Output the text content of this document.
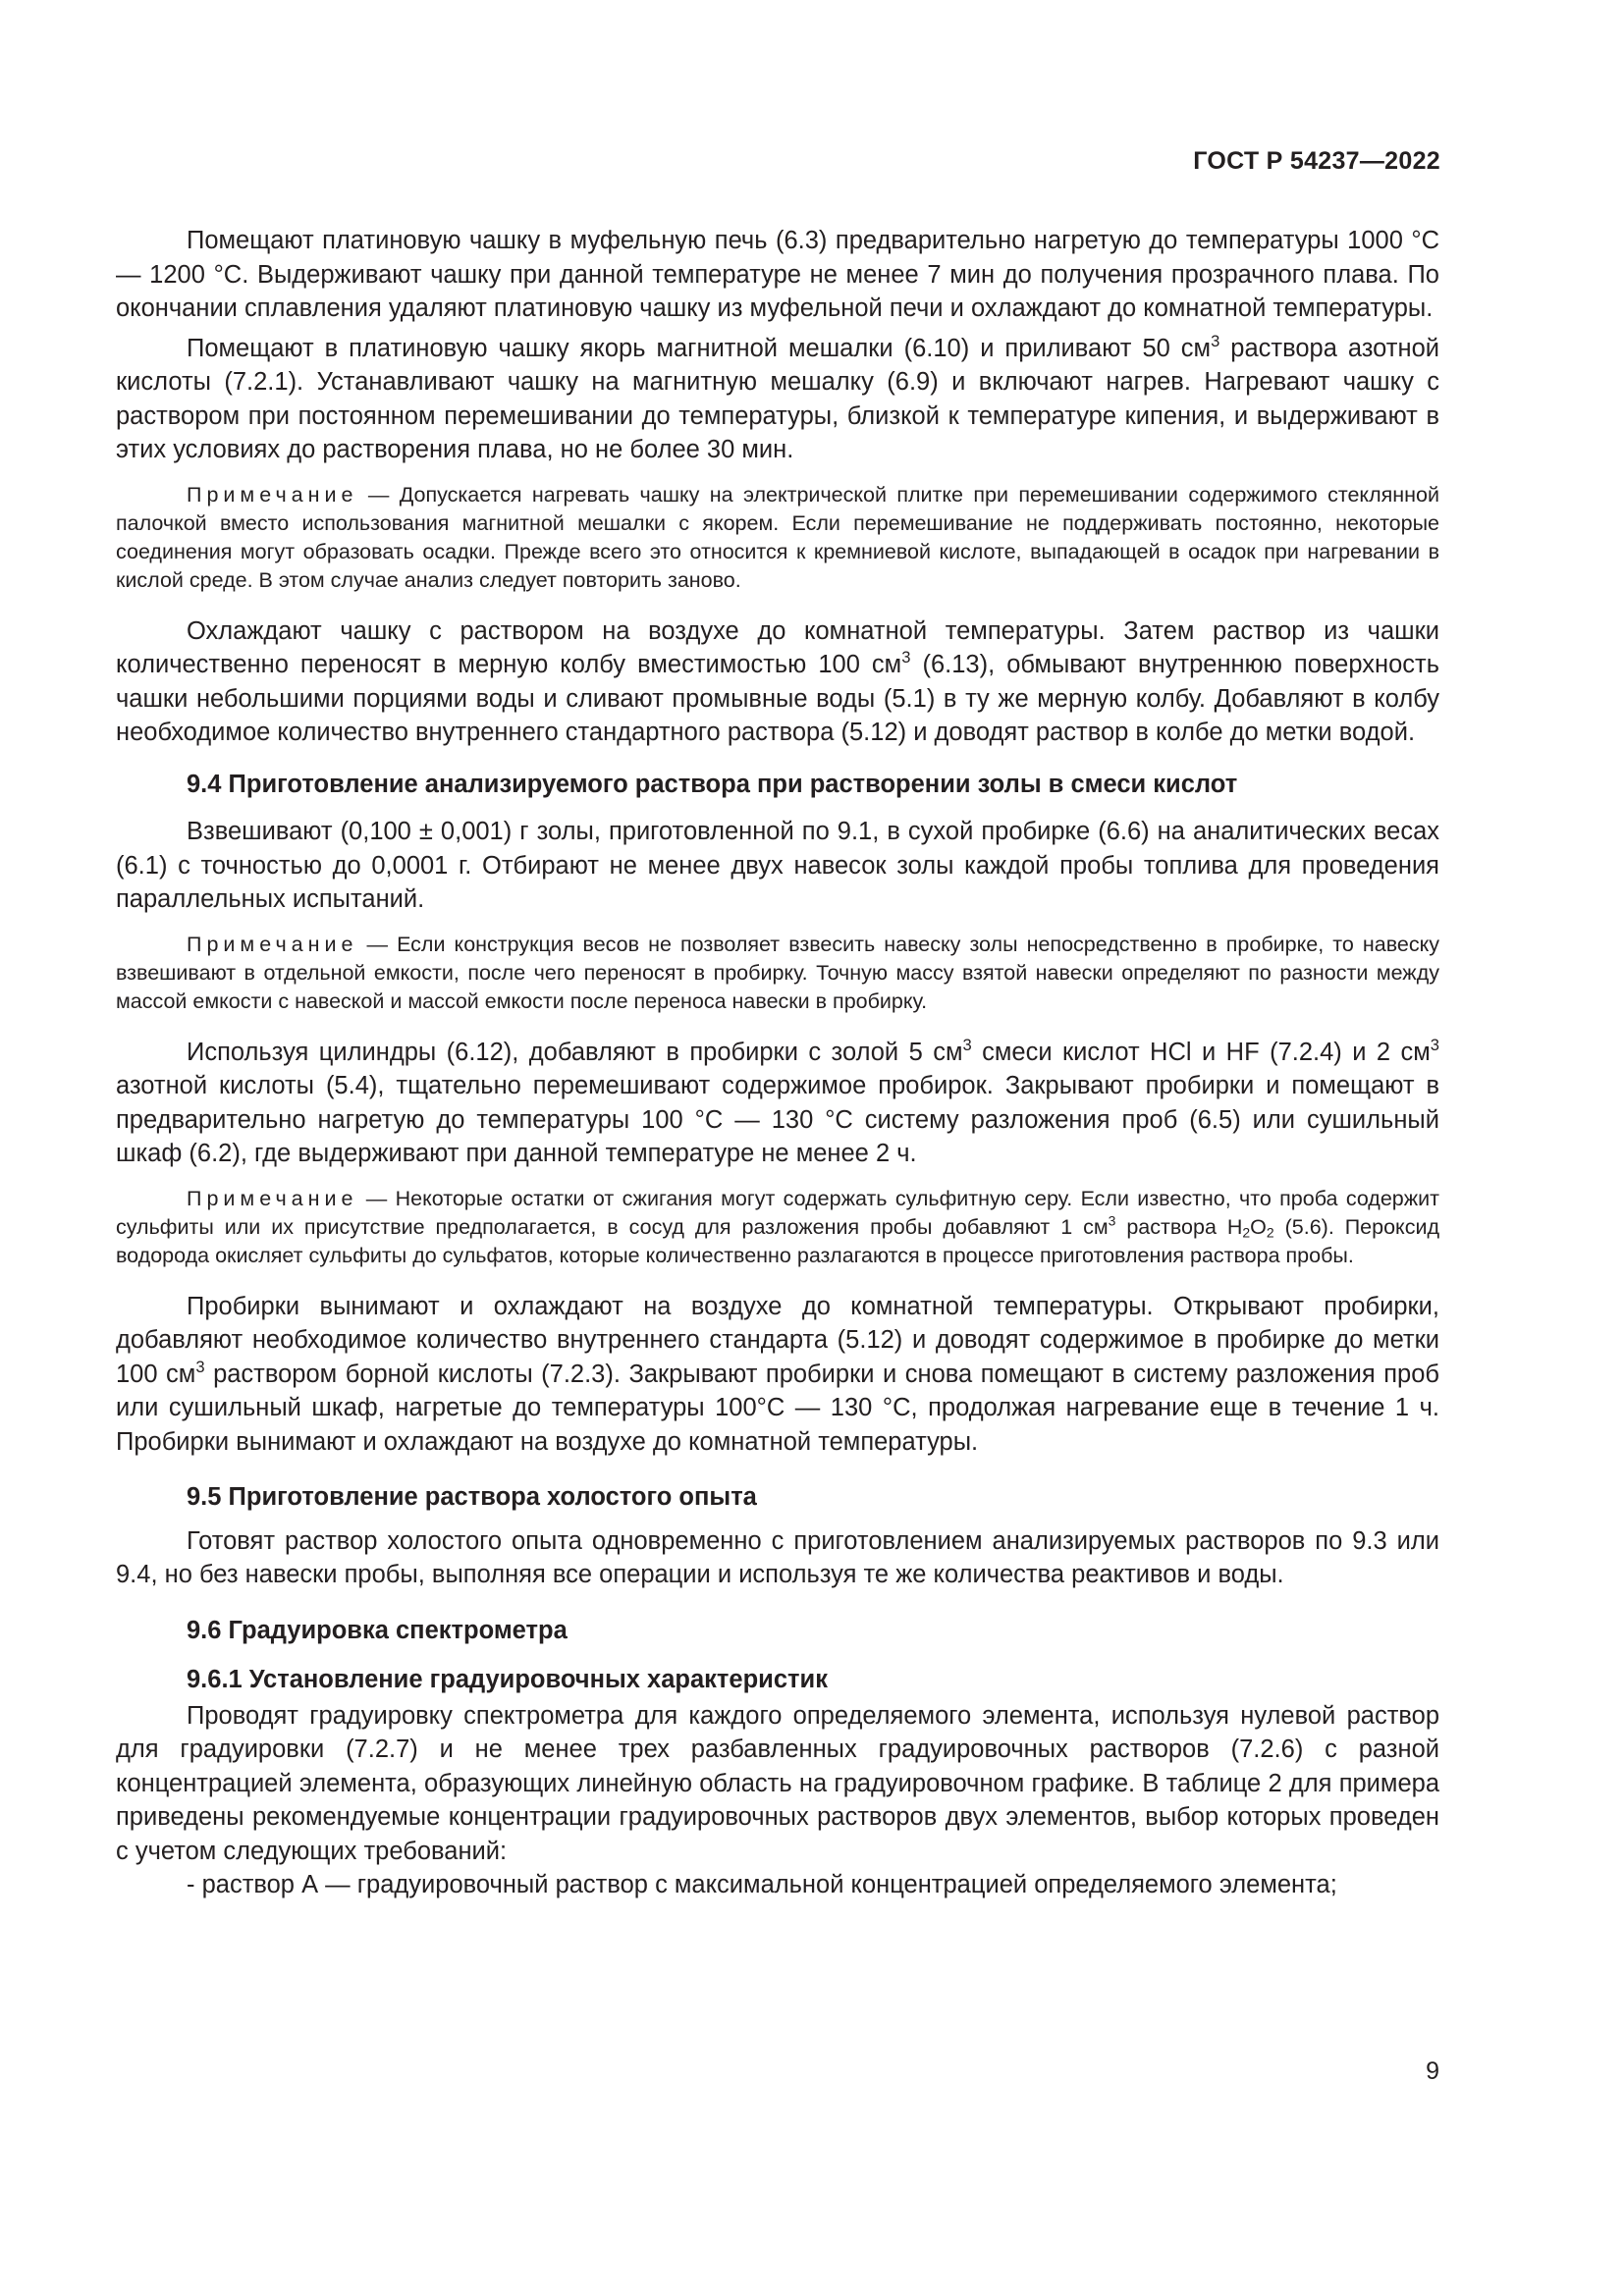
ГОСТ Р 54237—2022

Помещают платиновую чашку в муфельную печь (6.3) предварительно нагретую до температуры 1000 °С — 1200 °С. Выдерживают чашку при данной температуре не менее 7 мин до получения прозрачного плава. По окончании сплавления удаляют платиновую чашку из муфельной печи и охлаждают до комнатной температуры.

Помещают в платиновую чашку якорь магнитной мешалки (6.10) и приливают 50 $см^3$ раствора азотной кислоты (7.2.1). Устанавливают чашку на магнитную мешалку (6.9) и включают нагрев. Нагревают чашку с раствором при постоянном перемешивании до температуры, близкой к температуре кипения, и выдерживают в этих условиях до растворения плава, но не более 30 мин.

Примечание — Допускается нагревать чашку на электрической плитке при перемешивании содержимого стеклянной палочкой вместо использования магнитной мешалки с якорем. Если перемешивание не поддерживать постоянно, некоторые соединения могут образовать осадки. Прежде всего это относится к кремниевой кислоте, выпадающей в осадок при нагревании в кислой среде. В этом случае анализ следует повторить заново.

Охлаждают чашку с раствором на воздухе до комнатной температуры. Затем раствор из чашки количественно переносят в мерную колбу вместимостью 100 $см^3$ (6.13), обмывают внутреннюю поверхность чашки небольшими порциями воды и сливают промывные воды (5.1) в ту же мерную колбу. Добавляют в колбу необходимое количество внутреннего стандартного раствора (5.12) и доводят раствор в колбе до метки водой.

9.4 Приготовление анализируемого раствора при растворении золы в смеси кислот

Взвешивают (0,100 ± 0,001) г золы, приготовленной по 9.1, в сухой пробирке (6.6) на аналитических весах (6.1) с точностью до 0,0001 г. Отбирают не менее двух навесок золы каждой пробы топлива для проведения параллельных испытаний.

Примечание — Если конструкция весов не позволяет взвесить навеску золы непосредственно в пробирке, то навеску взвешивают в отдельной емкости, после чего переносят в пробирку. Точную массу взятой навески определяют по разности между массой емкости с навеской и массой емкости после переноса навески в пробирку.

Используя цилиндры (6.12), добавляют в пробирки с золой 5 $см^3$ смеси кислот HCl и HF (7.2.4) и 2 $см^3$ азотной кислоты (5.4), тщательно перемешивают содержимое пробирок. Закрывают пробирки и помещают в предварительно нагретую до температуры 100 °С — 130 °С систему разложения проб (6.5) или сушильный шкаф (6.2), где выдерживают при данной температуре не менее 2 ч.

Примечание — Некоторые остатки от сжигания могут содержать сульфитную серу. Если известно, что проба содержит сульфиты или их присутствие предполагается, в сосуд для разложения пробы добавляют 1 $см^3$ раствора $H_2O_2$ (5.6). Пероксид водорода окисляет сульфиты до сульфатов, которые количественно разлагаются в процессе приготовления раствора пробы.

Пробирки вынимают и охлаждают на воздухе до комнатной температуры. Открывают пробирки, добавляют необходимое количество внутреннего стандарта (5.12) и доводят содержимое в пробирке до метки 100 $см^3$ раствором борной кислоты (7.2.3). Закрывают пробирки и снова помещают в систему разложения проб или сушильный шкаф, нагретые до температуры 100°С — 130 °С, продолжая нагревание еще в течение 1 ч. Пробирки вынимают и охлаждают на воздухе до комнатной температуры.

9.5 Приготовление раствора холостого опыта

Готовят раствор холостого опыта одновременно с приготовлением анализируемых растворов по 9.3 или 9.4, но без навески пробы, выполняя все операции и используя те же количества реактивов и воды.

9.6 Градуировка спектрометра

9.6.1 Установление градуировочных характеристик

Проводят градуировку спектрометра для каждого определяемого элемента, используя нулевой раствор для градуировки (7.2.7) и не менее трех разбавленных градуировочных растворов (7.2.6) с разной концентрацией элемента, образующих линейную область на градуировочном графике. В таблице 2 для примера приведены рекомендуемые концентрации градуировочных растворов двух элементов, выбор которых проведен с учетом следующих требований:

- раствор А — градуировочный раствор с максимальной концентрацией определяемого элемента;

9
